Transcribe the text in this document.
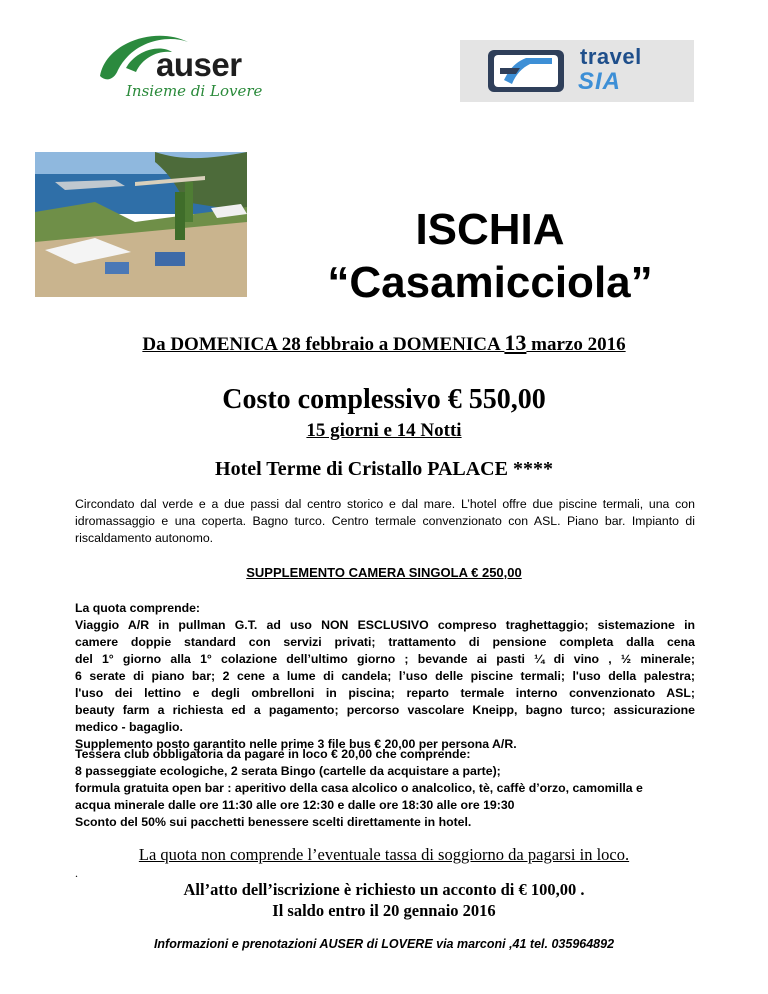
auser
Insieme di Lovere
travel
SIA
ISCHIA
“Casamicciola”
Da DOMENICA 28 febbraio a DOMENICA 13 marzo 2016
Costo complessivo € 550,00
15 giorni e 14 Notti
Hotel Terme di Cristallo PALACE ****
Circondato dal verde e a due passi dal centro storico e dal mare. L’hotel offre due piscine termali, una con idromassaggio e una coperta. Bagno turco. Centro termale convenzionato con ASL. Piano bar. Impianto di riscaldamento autonomo.
SUPPLEMENTO CAMERA SINGOLA € 250,00
La quota comprende:
Viaggio A/R in pullman G.T. ad uso NON ESCLUSIVO compreso traghettaggio; sistemazione in
camere doppie standard con servizi privati; trattamento di pensione completa dalla cena
del 1° giorno alla 1° colazione dell’ultimo giorno ; bevande ai pasti ¼ di vino , ½ minerale;
6 serate di piano bar; 2 cene a lume di candela; l’uso delle piscine termali; l'uso della palestra;
l'uso dei lettino e degli ombrelloni in piscina; reparto termale interno convenzionato ASL;
beauty farm a richiesta ed a pagamento; percorso vascolare Kneipp, bagno turco; assicurazione
medico - bagaglio.
Supplemento posto garantito nelle prime 3 file bus € 20,00 per persona A/R.
Tessera club obbligatoria da pagare in loco € 20,00 che comprende:
8 passeggiate ecologiche, 2 serata Bingo (cartelle da acquistare a parte);
formula gratuita open bar : aperitivo della casa alcolico o analcolico, tè, caffè d’orzo, camomilla e
acqua minerale dalle ore 11:30 alle ore 12:30 e dalle ore 18:30 alle ore 19:30
Sconto del 50% sui pacchetti benessere scelti direttamente in hotel.
La quota non comprende l’eventuale tassa di soggiorno da pagarsi in loco.
.
All’atto dell’iscrizione è richiesto un acconto di € 100,00 .
Il saldo entro il 20 gennaio 2016
Informazioni e prenotazioni AUSER di LOVERE via marconi ,41 tel. 035964892
